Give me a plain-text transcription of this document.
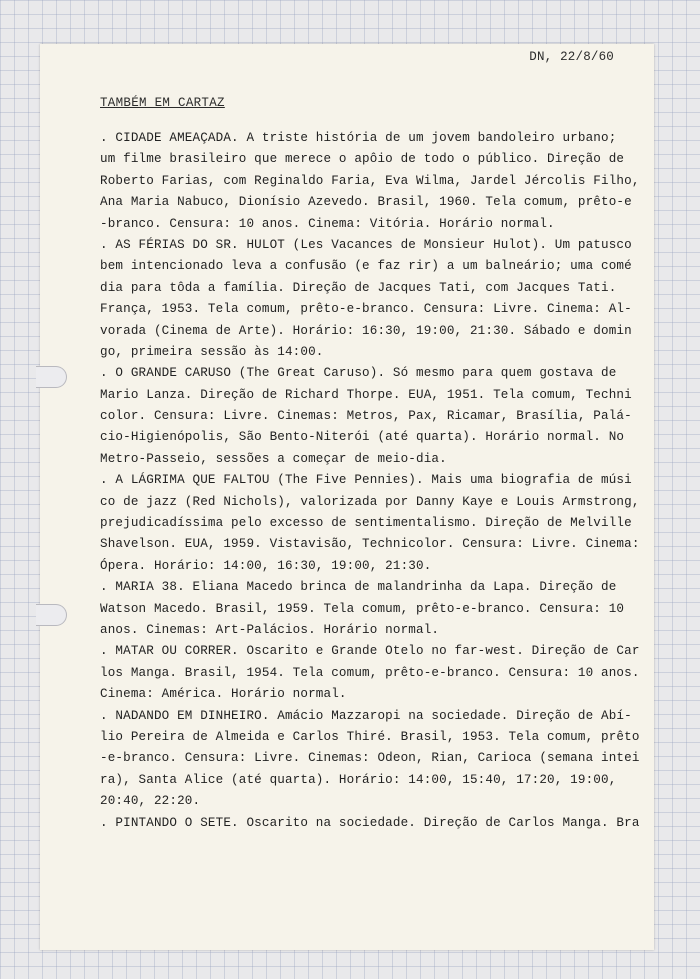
DN, 22/8/60
TAMBÉM EM CARTAZ
. CIDADE AMEAÇADA. A triste história de um jovem bandoleiro urbano;
um filme brasileiro que merece o apôio de todo o público. Direção de
Roberto Farias, com Reginaldo Faria, Eva Wilma, Jardel Jércolis Filho,
Ana Maria Nabuco, Dionísio Azevedo. Brasil, 1960. Tela comum, prêto-e
-branco. Censura: 10 anos. Cinema: Vitória. Horário normal.
. AS FÉRIAS DO SR. HULOT (Les Vacances de Monsieur Hulot). Um patusco
bem intencionado leva a confusão (e faz rir) a um balneário; uma comé
dia para tôda a família. Direção de Jacques Tati, com Jacques Tati.
França, 1953. Tela comum, prêto-e-branco. Censura: Livre. Cinema: Al-
vorada (Cinema de Arte). Horário: 16:30, 19:00, 21:30. Sábado e domin
go, primeira sessão às 14:00.
. O GRANDE CARUSO (The Great Caruso). Só mesmo para quem gostava de
Mario Lanza. Direção de Richard Thorpe. EUA, 1951. Tela comum, Techni
color. Censura: Livre. Cinemas: Metros, Pax, Ricamar, Brasília, Palá-
cio-Higienópolis, São Bento-Niterói (até quarta). Horário normal. No
Metro-Passeio, sessões a começar de meio-dia.
. A LÁGRIMA QUE FALTOU (The Five Pennies). Mais uma biografia de músi
co de jazz (Red Nichols), valorizada por Danny Kaye e Louis Armstrong,
prejudicadíssima pelo excesso de sentimentalismo. Direção de Melville
Shavelson. EUA, 1959. Vistavisão, Technicolor. Censura: Livre. Cinema:
Ópera. Horário: 14:00, 16:30, 19:00, 21:30.
. MARIA 38. Eliana Macedo brinca de malandrinha da Lapa. Direção de
Watson Macedo. Brasil, 1959. Tela comum, prêto-e-branco. Censura: 10
anos. Cinemas: Art-Palácios. Horário normal.
. MATAR OU CORRER. Oscarito e Grande Otelo no far-west. Direção de Car
los Manga. Brasil, 1954. Tela comum, prêto-e-branco. Censura: 10 anos.
Cinema: América. Horário normal.
. NADANDO EM DINHEIRO. Amácio Mazzaropi na sociedade. Direção de Abí-
lio Pereira de Almeida e Carlos Thiré. Brasil, 1953. Tela comum, prêto
-e-branco. Censura: Livre. Cinemas: Odeon, Rian, Carioca (semana intei
ra), Santa Alice (até quarta). Horário: 14:00, 15:40, 17:20, 19:00,
20:40, 22:20.
. PINTANDO O SETE. Oscarito na sociedade. Direção de Carlos Manga. Bra
